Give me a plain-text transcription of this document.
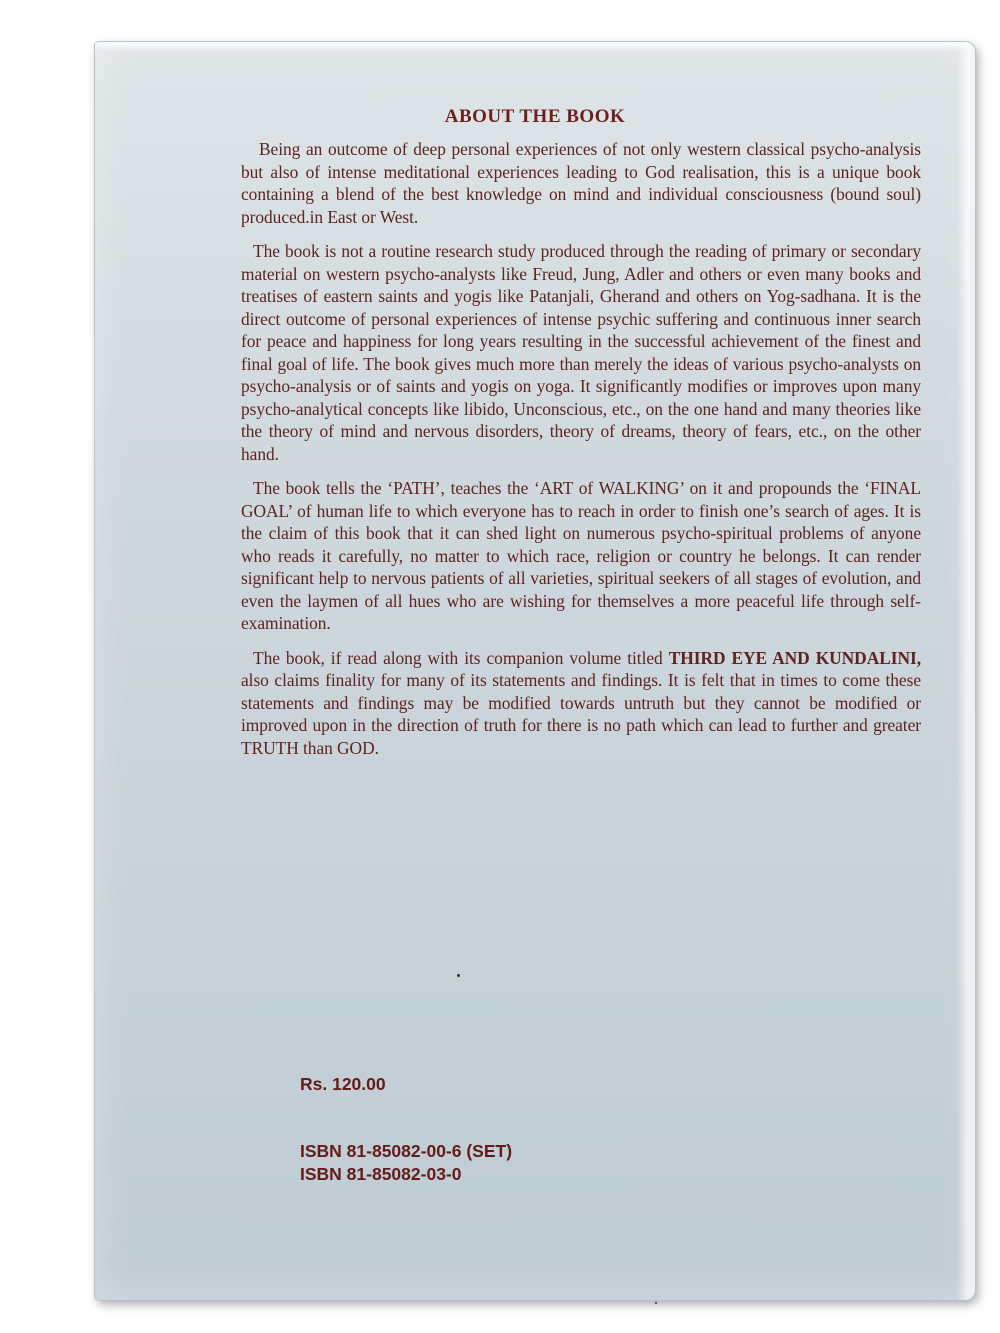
ABOUT THE BOOK

Being an outcome of deep personal experiences of not only western classical psycho-analysis but also of intense meditational experiences leading to God realisation, this is a unique book containing a blend of the best knowledge on mind and individual consciousness (bound soul) produced.in East or West.

The book is not a routine research study produced through the reading of primary or secondary material on western psycho-analysts like Freud, Jung, Adler and others or even many books and treatises of eastern saints and yogis like Patanjali, Gherand and others on Yog-sadhana. It is the direct outcome of personal experiences of intense psychic suffering and continuous inner search for peace and happiness for long years resulting in the successful achievement of the finest and final goal of life. The book gives much more than merely the ideas of various psycho-analysts on psycho-analysis or of saints and yogis on yoga. It significantly modifies or improves upon many psycho-analytical concepts like libido, Unconscious, etc., on the one hand and many theories like the theory of mind and nervous disorders, theory of dreams, theory of fears, etc., on the other hand.

The book tells the ‘PATH’, teaches the ‘ART of WALKING’ on it and propounds the ‘FINAL GOAL’ of human life to which everyone has to reach in order to finish one’s search of ages. It is the claim of this book that it can shed light on numerous psycho-spiritual problems of anyone who reads it carefully, no matter to which race, religion or country he belongs. It can render significant help to nervous patients of all varieties, spiritual seekers of all stages of evolution, and even the laymen of all hues who are wishing for themselves a more peaceful life through self-examination.

The book, if read along with its companion volume titled THIRD EYE AND KUNDALINI, also claims finality for many of its statements and findings. It is felt that in times to come these statements and findings may be modified towards untruth but they cannot be modified or improved upon in the direction of truth for there is no path which can lead to further and greater TRUTH than GOD.

Rs. 120.00
ISBN 81-85082-00-6 (SET)
ISBN 81-85082-03-0
